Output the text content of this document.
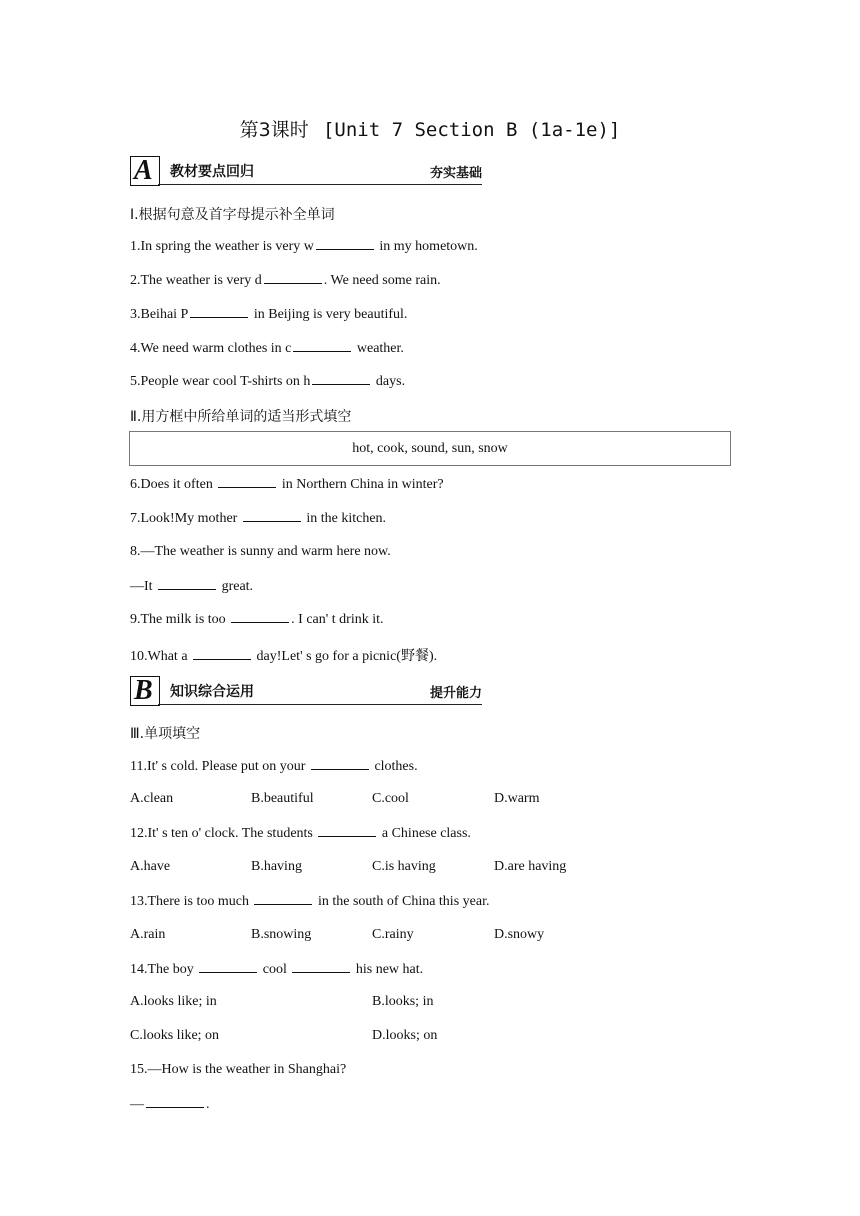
第3课时 [Unit 7 Section B (1a-1e)]
A 教材要点回归	夯实基础
Ⅰ.根据句意及首字母提示补全单词
1.In spring the weather is very w	in my hometown.
2.The weather is very d	. We need some rain.
3.Beihai P	in Beijing is very beautiful.
4.We need warm clothes in c	weather.
5.People wear cool T-shirts on h	days.
Ⅱ.用方框中所给单词的适当形式填空
hot, cook, sound, sun, snow
6.Does it often	in Northern China in winter?
7.Look!My mother	in the kitchen.
8.—The weather is sunny and warm here now.
—It	great.
9.The milk is too	. I can' t drink it.
10.What a	day!Let' s go for a picnic(野餐).
B 知识综合运用	提升能力
Ⅲ.单项填空
11.It' s cold. Please put on your	clothes.
A.clean	B.beautiful	C.cool	D.warm
12.It' s ten o' clock. The students	a Chinese class.
A.have	B.having	C.is having	D.are having
13.There is too much	in the south of China this year.
A.rain	B.snowing	C.rainy	D.snowy
14.The boy	cool	his new hat.
A.looks like; in	B.looks; in
C.looks like; on	D.looks; on
15.—How is the weather in Shanghai?
—	.
